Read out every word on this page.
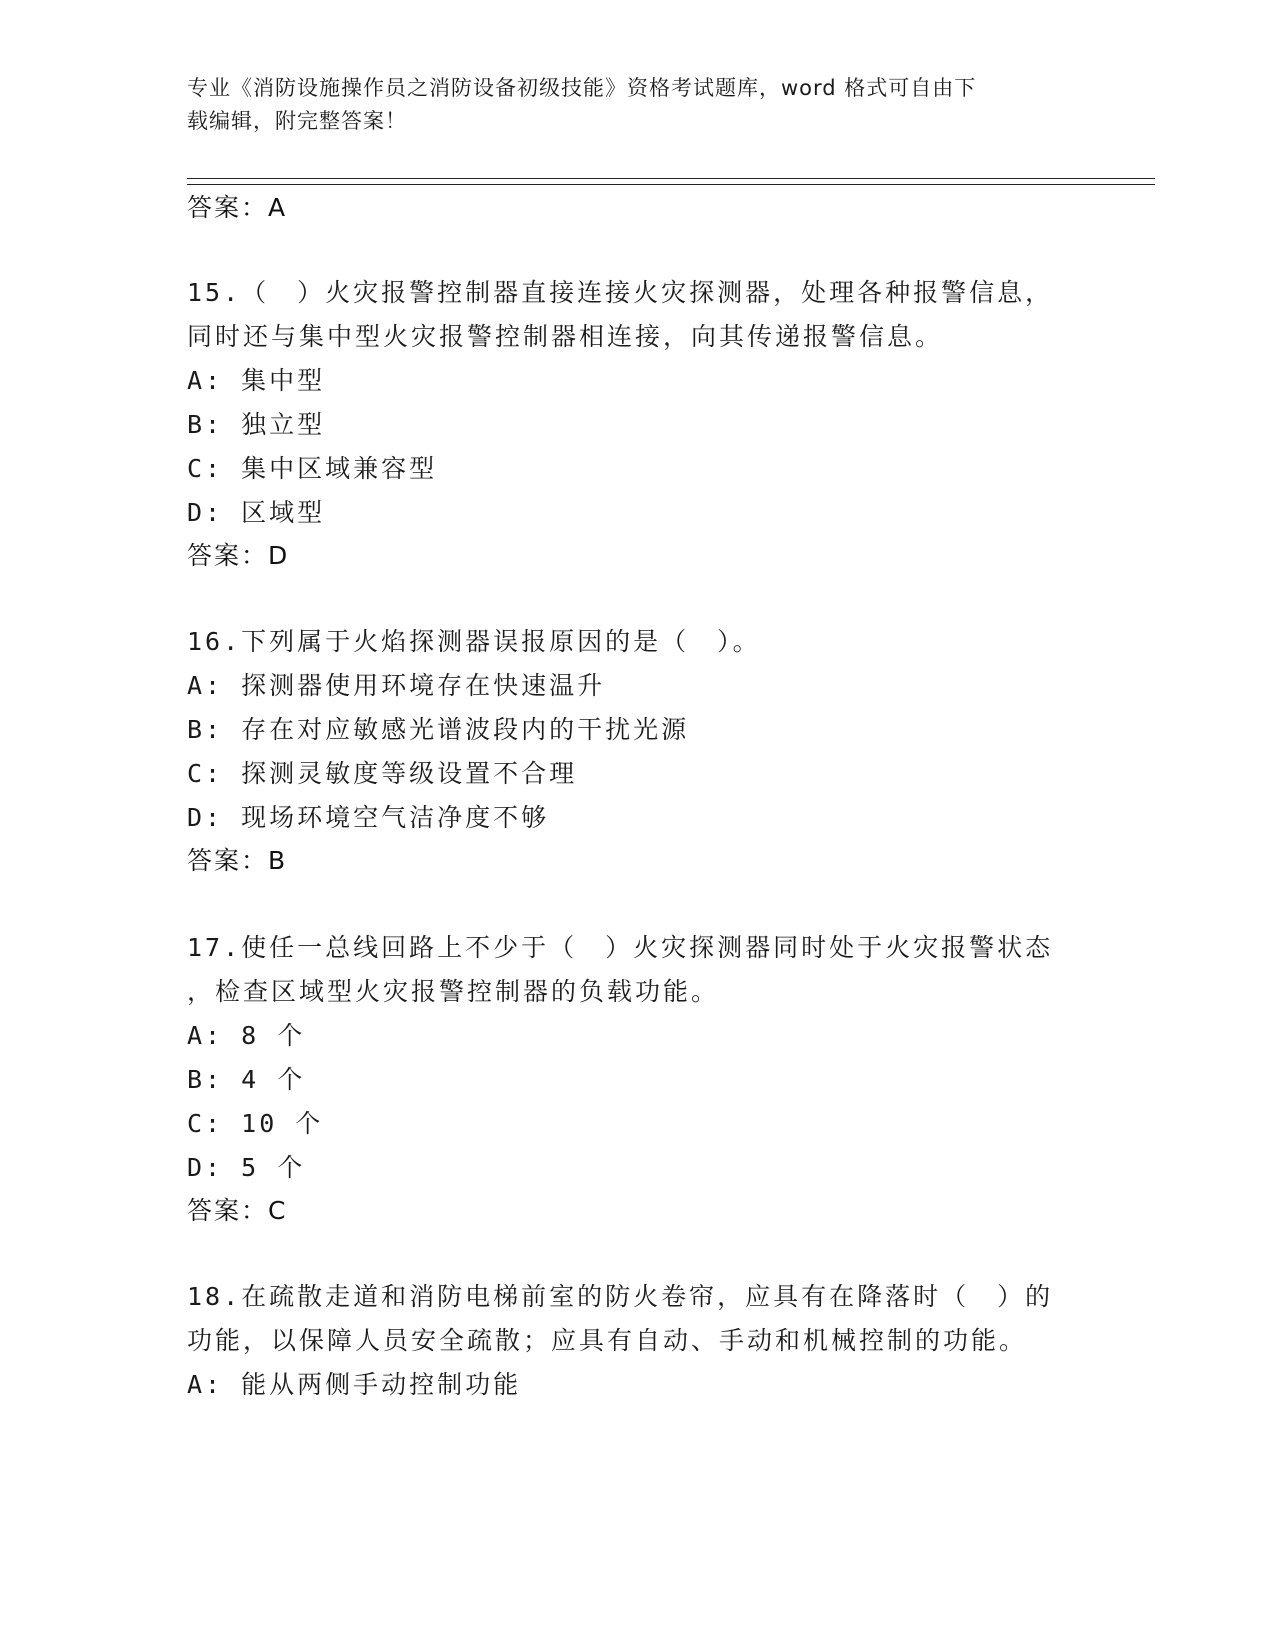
专业《消防设施操作员之消防设备初级技能》资格考试题库，word 格式可自由下
载编辑，附完整答案！
答案：A
15.（　）火灾报警控制器直接连接火灾探测器，处理各种报警信息，
同时还与集中型火灾报警控制器相连接，向其传递报警信息。
A: 集中型
B: 独立型
C: 集中区域兼容型
D: 区域型
答案：D
16.下列属于火焰探测器误报原因的是（　）。
A: 探测器使用环境存在快速温升
B: 存在对应敏感光谱波段内的干扰光源
C: 探测灵敏度等级设置不合理
D: 现场环境空气洁净度不够
答案：B
17.使任一总线回路上不少于（　）火灾探测器同时处于火灾报警状态
，检查区域型火灾报警控制器的负载功能。
A: 8 个
B: 4 个
C: 10 个
D: 5 个
答案：C
18.在疏散走道和消防电梯前室的防火卷帘，应具有在降落时（　）的
功能，以保障人员安全疏散；应具有自动、手动和机械控制的功能。
A: 能从两侧手动控制功能
